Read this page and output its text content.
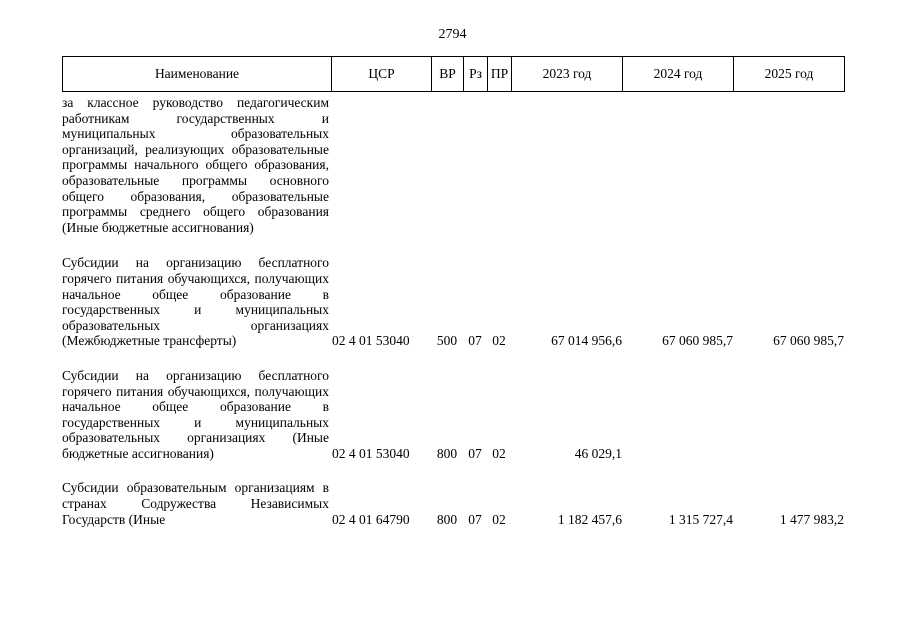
2794
Наименование	ЦСР	ВР Рз ПР	2023 год	2024 год	2025 год
за классное руководство педагогическим работникам государственных и муниципальных образовательных организаций, реализующих образовательные программы начального общего образования, образовательные программы основного общего образования, образовательные программы среднего общего образования (Иные бюджетные ассигнования)
Субсидии на организацию бесплатного горячего питания обучающихся, получающих начальное общее образование в государственных и муниципальных образовательных организациях (Межбюджетные трансферты)	02 4 01 53040	500 07 02	67 014 956,6	67 060 985,7	67 060 985,7
Субсидии на организацию бесплатного горячего питания обучающихся, получающих начальное общее образование в государственных и муниципальных образовательных организациях (Иные бюджетные ассигнования)	02 4 01 53040	800 07 02	46 029,1
Субсидии образовательным организациям в странах Содружества Независимых Государств (Иные	02 4 01 64790	800 07 02	1 182 457,6	1 315 727,4	1 477 983,2
